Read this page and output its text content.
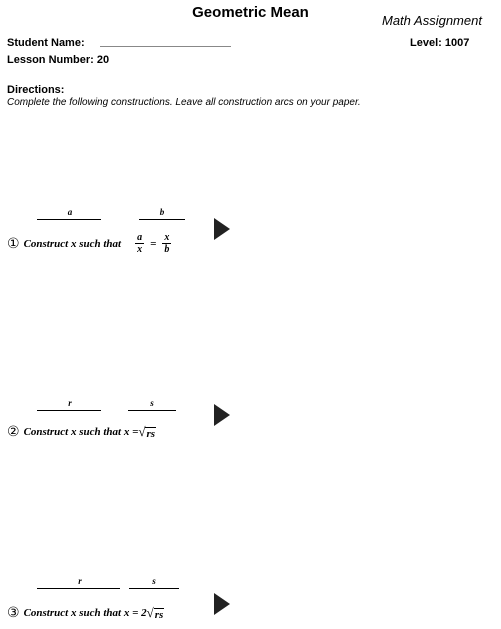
Geometric Mean	Math Assignment
Level: 1007
Student Name:
Lesson Number: 20
Directions:
Complete the following constructions. Leave all construction arcs on your paper.
a	b
① Construct x such that $\frac{a}{x} = \frac{x}{b}$
r	s
② Construct x such that x = √ rs
r	s
③ Construct x such that x = 2 √ rs
